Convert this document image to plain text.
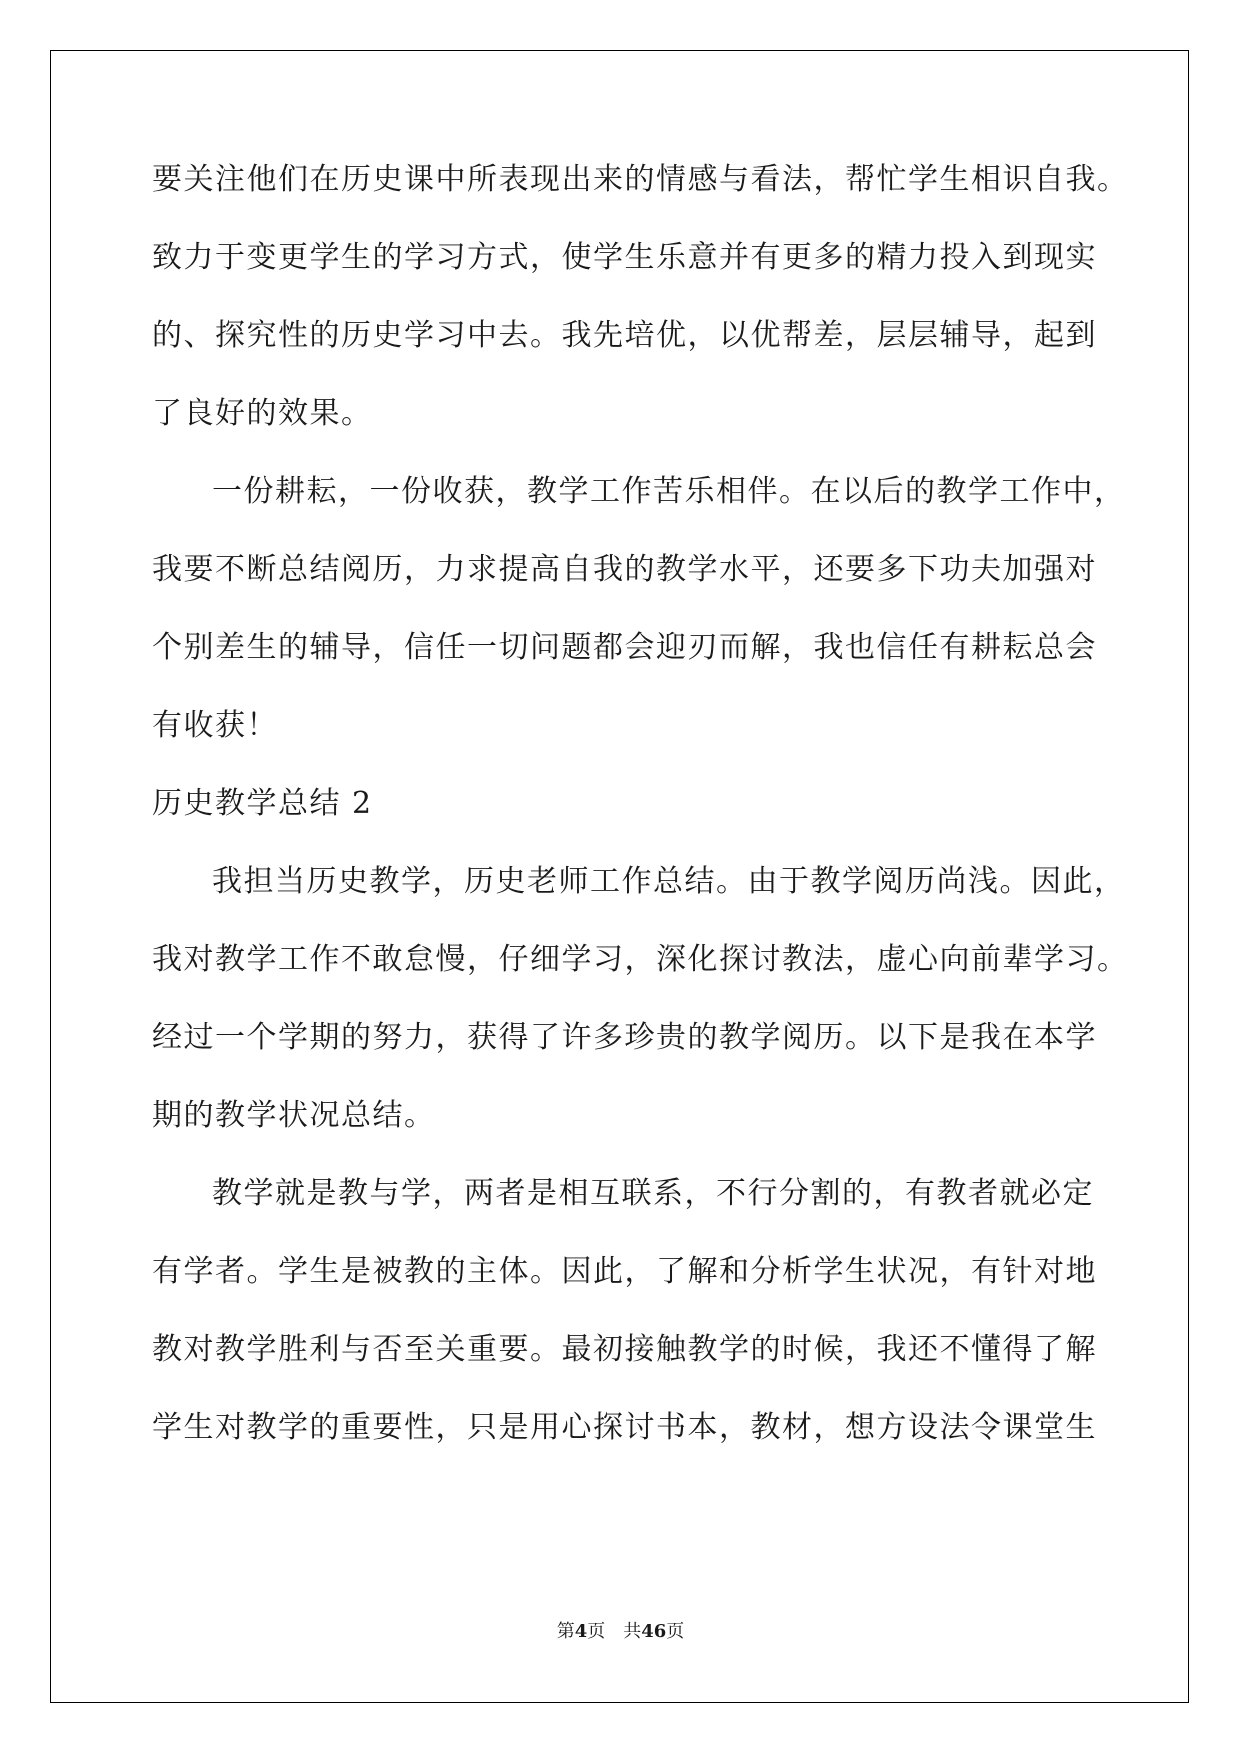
要关注他们在历史课中所表现出来的情感与看法，帮忙学生相识自我。
致力于变更学生的学习方式，使学生乐意并有更多的精力投入到现实
的、探究性的历史学习中去。我先培优，以优帮差，层层辅导，起到
了良好的效果。
一份耕耘，一份收获，教学工作苦乐相伴。在以后的教学工作中，
我要不断总结阅历，力求提高自我的教学水平，还要多下功夫加强对
个别差生的辅导，信任一切问题都会迎刃而解，我也信任有耕耘总会
有收获！
历史教学总结 2
我担当历史教学，历史老师工作总结。由于教学阅历尚浅。因此，
我对教学工作不敢怠慢，仔细学习，深化探讨教法，虚心向前辈学习。
经过一个学期的努力，获得了许多珍贵的教学阅历。以下是我在本学
期的教学状况总结。
教学就是教与学，两者是相互联系，不行分割的，有教者就必定
有学者。学生是被教的主体。因此，了解和分析学生状况，有针对地
教对教学胜利与否至关重要。最初接触教学的时候，我还不懂得了解
学生对教学的重要性，只是用心探讨书本，教材，想方设法令课堂生
第4页 共46页
